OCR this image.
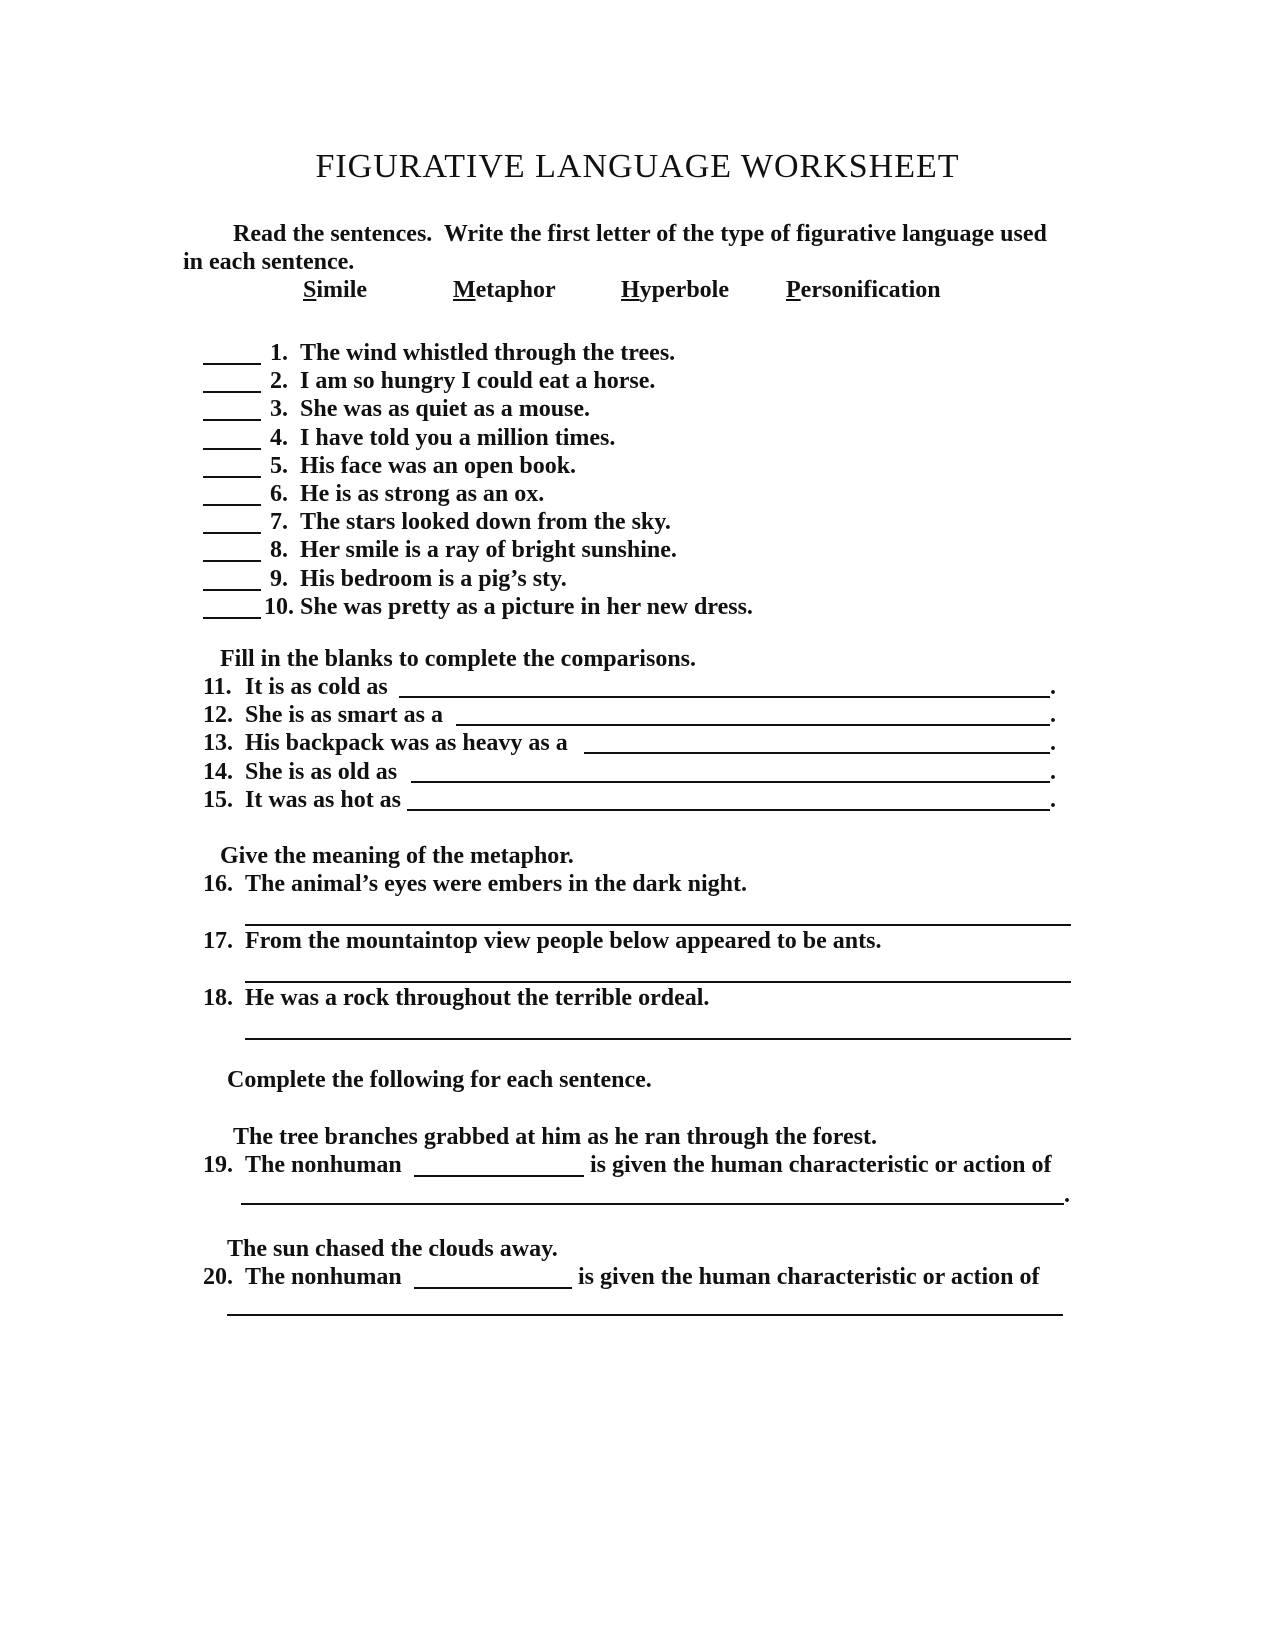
FIGURATIVE LANGUAGE WORKSHEET
Read the sentences.  Write the first letter of the type of figurative language used
in each sentence.
Simile	Metaphor	Hyperbole Personification
1. The wind whistled through the trees.
2. I am so hungry I could eat a horse.
3. She was as quiet as a mouse.
4. I have told you a million times.
5. His face was an open book.
6. He is as strong as an ox.
7. The stars looked down from the sky.
8. Her smile is a ray of bright sunshine.
9. His bedroom is a pig’s sty.
10. She was pretty as a picture in her new dress.
Fill in the blanks to complete the comparisons.
11. It is as cold as	.
12. She is as smart as a	.
13. His backpack was as heavy as a	.
14. She is as old as	.
15. It was as hot as	.
Give the meaning of the metaphor.
16. The animal’s eyes were embers in the dark night.
17. From the mountaintop view people below appeared to be ants.
18. He was a rock throughout the terrible ordeal.
Complete the following for each sentence.
The tree branches grabbed at him as he ran through the forest.
19. The nonhuman	is given the human characteristic or action of
.
The sun chased the clouds away.
20. The nonhuman	is given the human characteristic or action of
